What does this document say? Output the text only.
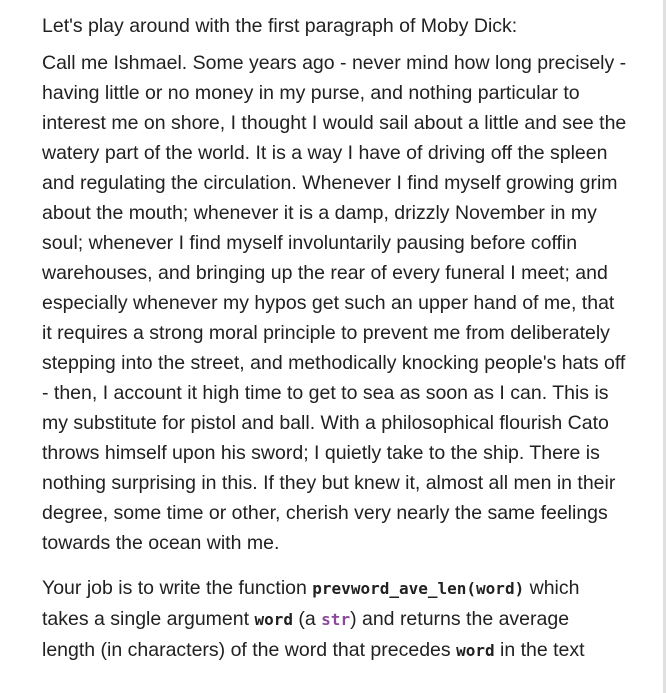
Let's play around with the first paragraph of Moby Dick:

Call me Ishmael. Some years ago - never mind how long precisely - having little or no money in my purse, and nothing particular to interest me on shore, I thought I would sail about a little and see the watery part of the world. It is a way I have of driving off the spleen and regulating the circulation. Whenever I find myself growing grim about the mouth; whenever it is a damp, drizzly November in my soul; whenever I find myself involuntarily pausing before coffin warehouses, and bringing up the rear of every funeral I meet; and especially whenever my hypos get such an upper hand of me, that it requires a strong moral principle to prevent me from deliberately stepping into the street, and methodically knocking people's hats off - then, I account it high time to get to sea as soon as I can. This is my substitute for pistol and ball. With a philosophical flourish Cato throws himself upon his sword; I quietly take to the ship. There is nothing surprising in this. If they but knew it, almost all men in their degree, some time or other, cherish very nearly the same feelings towards the ocean with me.

Your job is to write the function prevword_ave_len(word) which takes a single argument word (a str) and returns the average length (in characters) of the word that precedes word in the text
